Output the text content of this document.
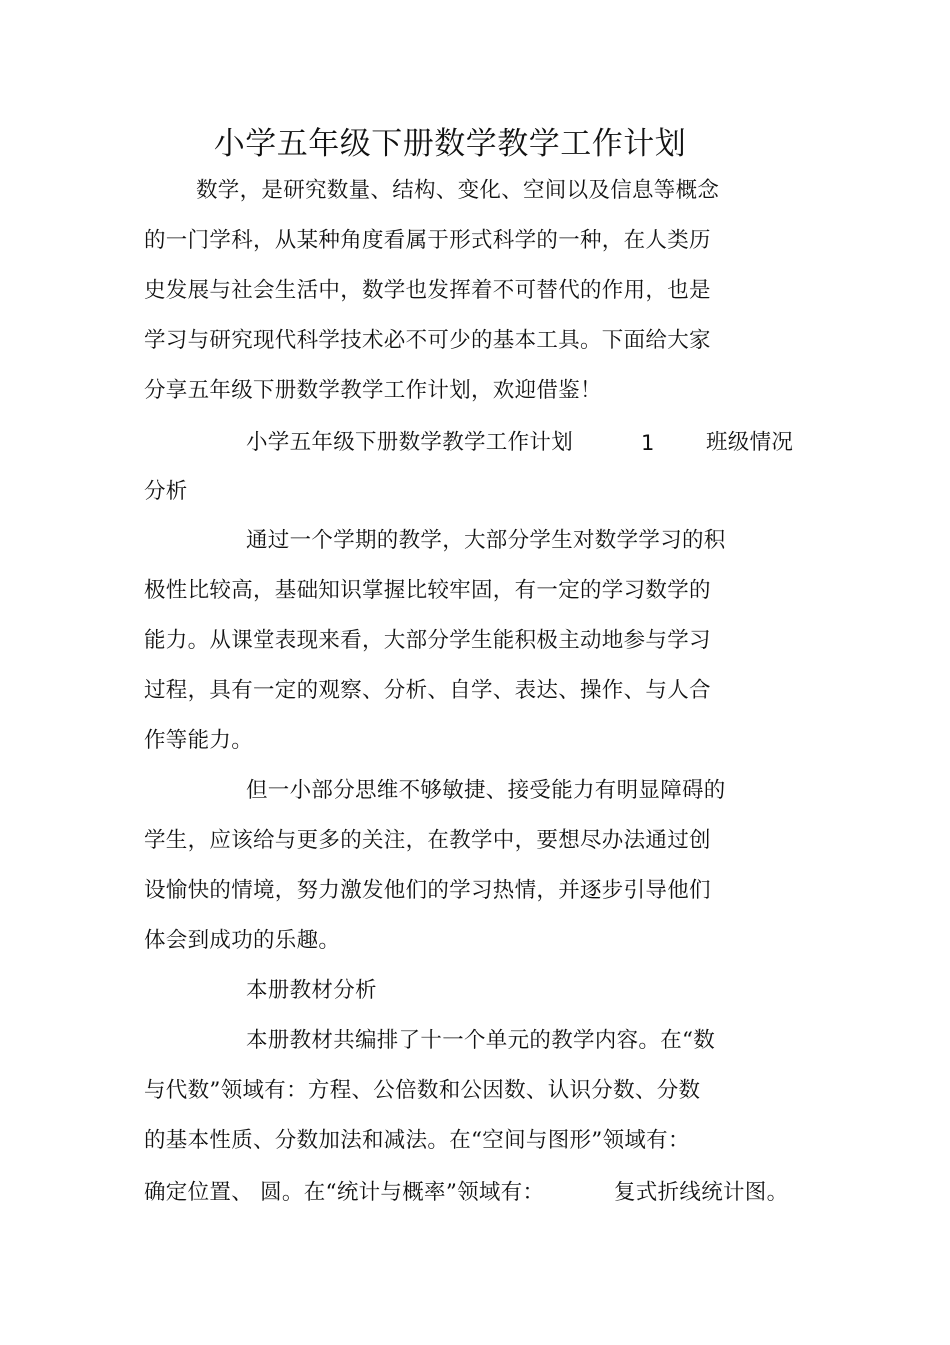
小学五年级下册数学教学工作计划
数学，是研究数量、结构、变化、空间以及信息等概念
的一门学科，从某种角度看属于形式科学的一种，在人类历
史发展与社会生活中，数学也发挥着不可替代的作用，也是
学习与研究现代科学技术必不可少的基本工具。下面给大家
分享五年级下册数学教学工作计划，欢迎借鉴！
小学五年级下册数学教学工作计划	1 班级情况
分析
通过一个学期的教学，大部分学生对数学学习的积
极性比较高，基础知识掌握比较牢固，有一定的学习数学的
能力。从课堂表现来看，大部分学生能积极主动地参与学习
过程，具有一定的观察、分析、自学、表达、操作、与人合
作等能力。
但一小部分思维不够敏捷、接受能力有明显障碍的
学生，应该给与更多的关注，在教学中，要想尽办法通过创
设愉快的情境，努力激发他们的学习热情，并逐步引导他们
体会到成功的乐趣。
本册教材分析
本册教材共编排了十一个单元的教学内容。在“数
与代数”领域有：方程、公倍数和公因数、认识分数、分数
的基本性质、分数加法和减法。在“空间与图形”领域有：
确定位置、 圆。在“统计与概率”领域有：	复式折线统计图。
